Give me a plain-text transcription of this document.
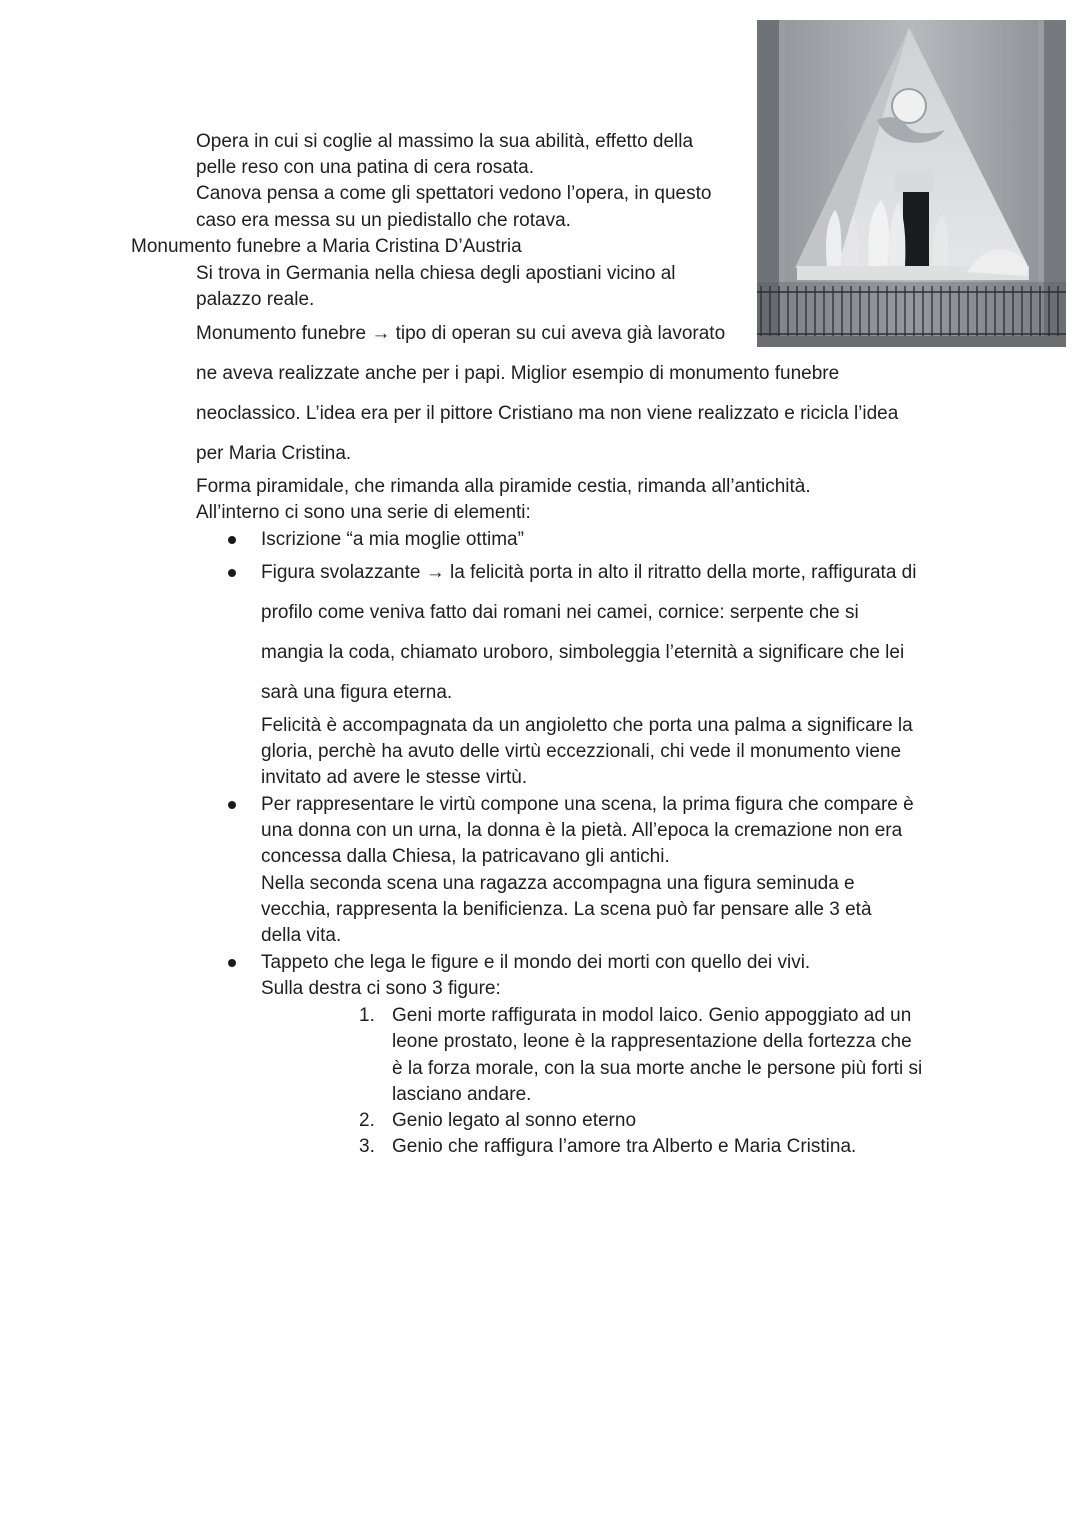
Opera in cui si coglie al massimo la sua abilità, effetto della
pelle reso con una patina di cera rosata.
Canova pensa a come gli spettatori vedono l’opera, in questo
caso era messa su un piedistallo che rotava.
Monumento funebre a Maria Cristina D’Austria
Si trova in Germania nella chiesa degli apostiani vicino al
palazzo reale.
Monumento funebre → tipo di operan su cui aveva già lavorato
ne aveva realizzate anche per i papi. Miglior esempio di monumento funebre
neoclassico. L’idea era per il pittore Cristiano ma non viene realizzato e ricicla l’idea
per Maria Cristina.
Forma piramidale, che rimanda alla piramide cestia, rimanda all’antichità.
All’interno ci sono una serie di elementi:
Iscrizione “a mia moglie ottima”
Figura svolazzante → la felicità porta in alto il ritratto della morte, raffigurata di
profilo come veniva fatto dai romani nei camei, cornice: serpente che si
mangia la coda, chiamato uroboro, simboleggia l’eternità a significare che lei
sarà una figura eterna.
Felicità è accompagnata da un angioletto che porta una palma a significare la
gloria, perchè ha avuto delle virtù eccezzionali, chi vede il monumento viene
invitato ad avere le stesse virtù.
Per rappresentare le virtù compone una scena, la prima figura che compare è
una donna con un urna, la donna è la pietà. All’epoca la cremazione non era
concessa dalla Chiesa, la patricavano gli antichi.
Nella seconda scena una ragazza accompagna una figura seminuda e
vecchia, rappresenta la benificienza. La scena può far pensare alle 3 età
della vita.
Tappeto che lega le figure e il mondo dei morti con quello dei vivi.
Sulla destra ci sono 3 figure:
1. Geni morte raffigurata in modol laico. Genio appoggiato ad un
leone prostato, leone è la rappresentazione della fortezza che
è la forza morale, con la sua morte anche le persone più forti si
lasciano andare.
2. Genio legato al sonno eterno
3. Genio che raffigura l’amore tra Alberto e Maria Cristina.
